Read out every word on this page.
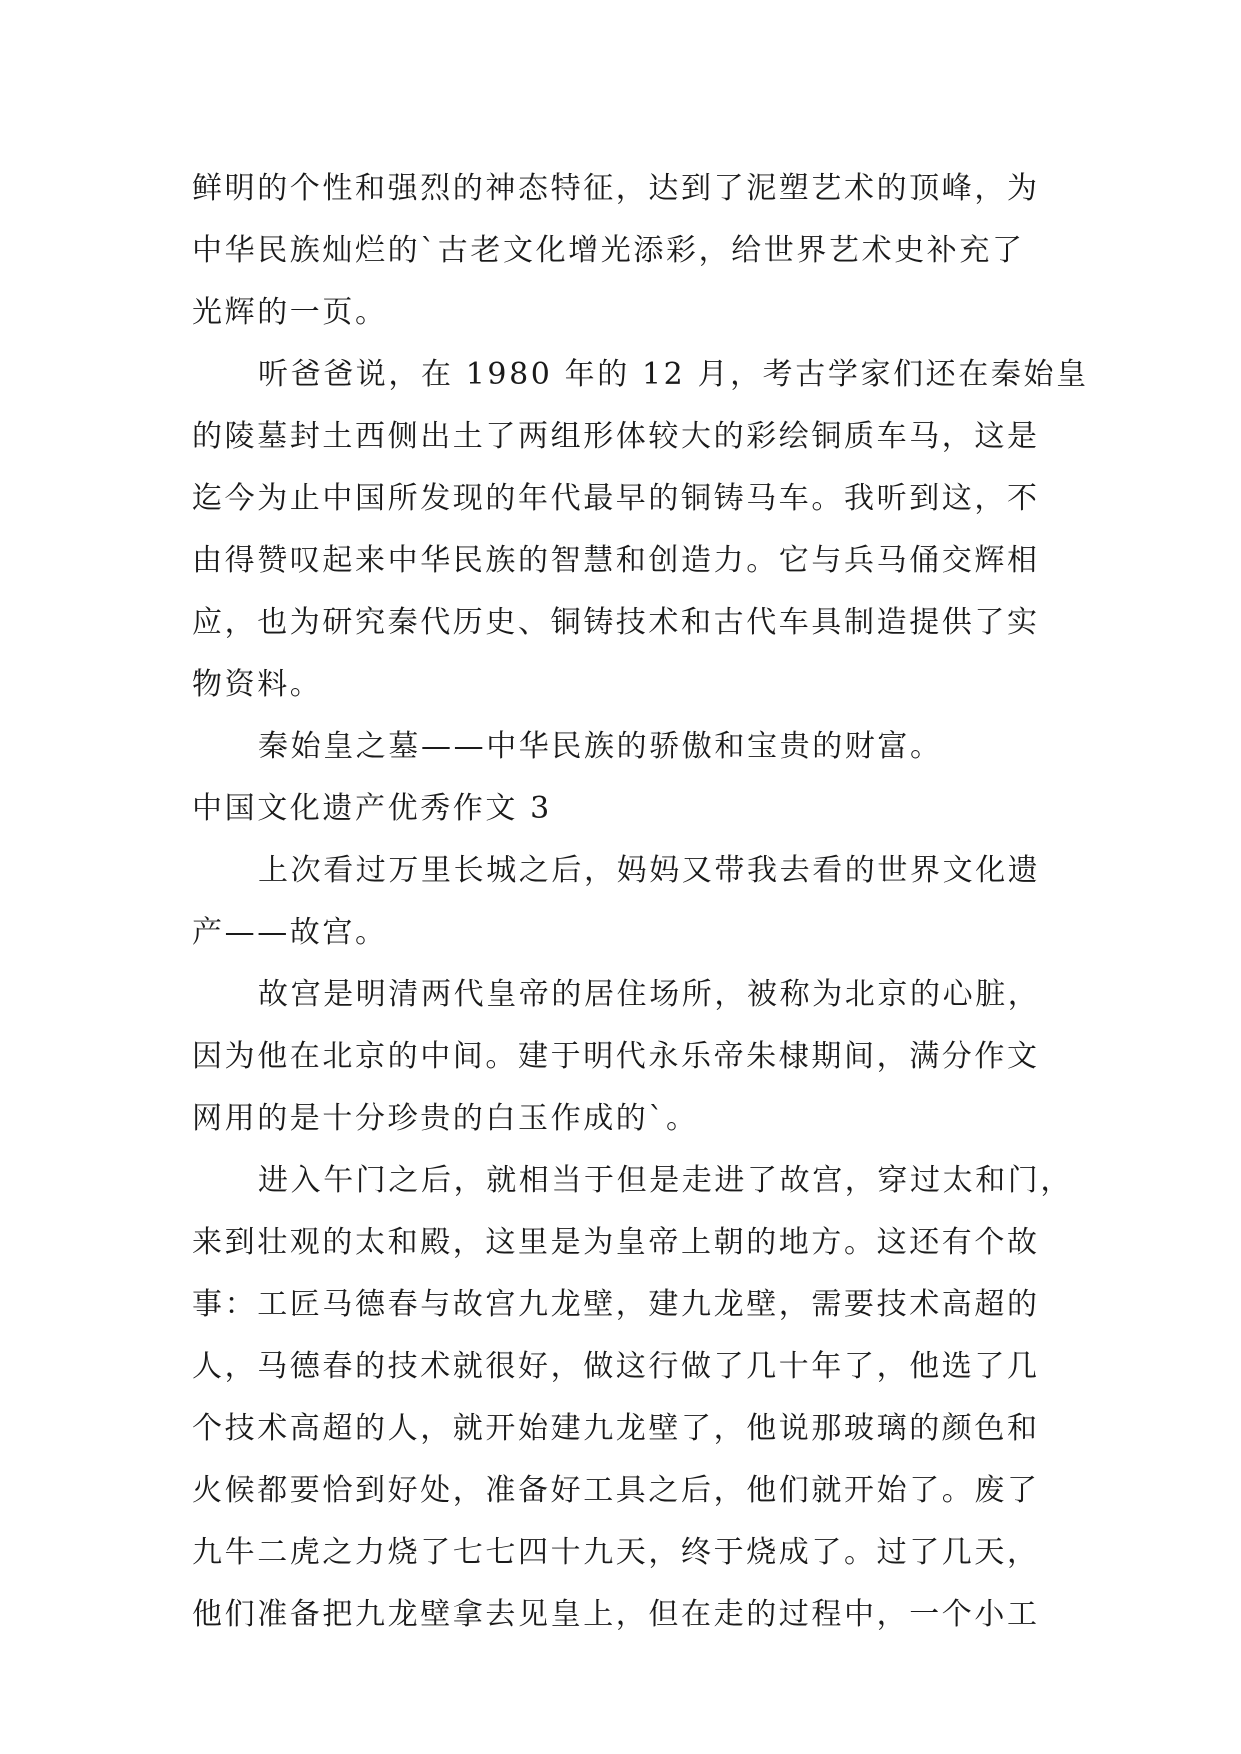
鲜明的个性和强烈的神态特征，达到了泥塑艺术的顶峰，为
中华民族灿烂的`古老文化增光添彩，给世界艺术史补充了
光辉的一页。
听爸爸说，在 1980 年的 12 月，考古学家们还在秦始皇
的陵墓封土西侧出土了两组形体较大的彩绘铜质车马，这是
迄今为止中国所发现的年代最早的铜铸马车。我听到这，不
由得赞叹起来中华民族的智慧和创造力。它与兵马俑交辉相
应，也为研究秦代历史、铜铸技术和古代车具制造提供了实
物资料。
秦始皇之墓——中华民族的骄傲和宝贵的财富。
中国文化遗产优秀作文 3
上次看过万里长城之后，妈妈又带我去看的世界文化遗
产——故宫。
故宫是明清两代皇帝的居住场所，被称为北京的心脏，
因为他在北京的中间。建于明代永乐帝朱棣期间，满分作文
网用的是十分珍贵的白玉作成的`。
进入午门之后，就相当于但是走进了故宫，穿过太和门，
来到壮观的太和殿，这里是为皇帝上朝的地方。这还有个故
事：工匠马德春与故宫九龙壁，建九龙壁，需要技术高超的
人，马德春的技术就很好，做这行做了几十年了，他选了几
个技术高超的人，就开始建九龙壁了，他说那玻璃的颜色和
火候都要恰到好处，准备好工具之后，他们就开始了。废了
九牛二虎之力烧了七七四十九天，终于烧成了。过了几天，
他们准备把九龙壁拿去见皇上，但在走的过程中，一个小工
